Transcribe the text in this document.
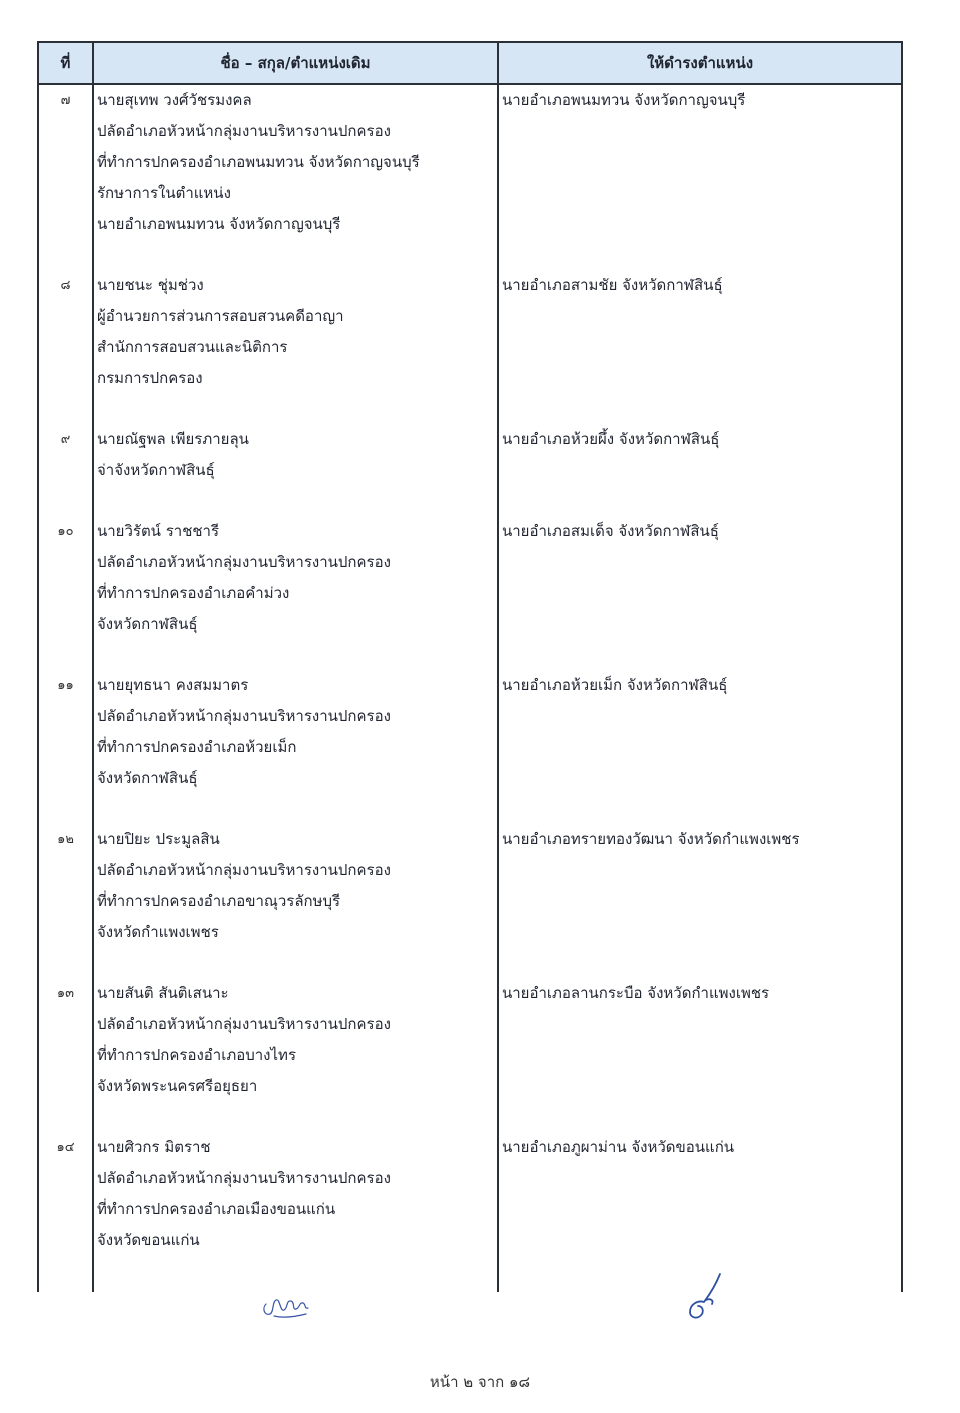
ที่	ชื่อ – สกุล/ตำแหน่งเดิม	ให้ดำรงตำแหน่ง
๗	นายสุเทพ วงศ์วัชรมงคล
ปลัดอำเภอหัวหน้ากลุ่มงานบริหารงานปกครอง
ที่ทำการปกครองอำเภอพนมทวน จังหวัดกาญจนบุรี
รักษาการในตำแหน่ง
นายอำเภอพนมทวน จังหวัดกาญจนบุรี	นายอำเภอพนมทวน จังหวัดกาญจนบุรี
๘	นายชนะ ชุ่มช่วง
ผู้อำนวยการส่วนการสอบสวนคดีอาญา
สำนักการสอบสวนและนิติการ
กรมการปกครอง	นายอำเภอสามชัย จังหวัดกาฬสินธุ์
๙	นายณัฐพล เพียรภายลุน
จ่าจังหวัดกาฬสินธุ์	นายอำเภอห้วยผึ้ง จังหวัดกาฬสินธุ์
๑๐	นายวิรัตน์ ราชชารี
ปลัดอำเภอหัวหน้ากลุ่มงานบริหารงานปกครอง
ที่ทำการปกครองอำเภอคำม่วง
จังหวัดกาฬสินธุ์	นายอำเภอสมเด็จ จังหวัดกาฬสินธุ์
๑๑	นายยุทธนา คงสมมาตร
ปลัดอำเภอหัวหน้ากลุ่มงานบริหารงานปกครอง
ที่ทำการปกครองอำเภอห้วยเม็ก
จังหวัดกาฬสินธุ์	นายอำเภอห้วยเม็ก จังหวัดกาฬสินธุ์
๑๒	นายปิยะ ประมูลสิน
ปลัดอำเภอหัวหน้ากลุ่มงานบริหารงานปกครอง
ที่ทำการปกครองอำเภอขาณุวรลักษบุรี
จังหวัดกำแพงเพชร	นายอำเภอทรายทองวัฒนา จังหวัดกำแพงเพชร
๑๓	นายสันติ สันติเสนาะ
ปลัดอำเภอหัวหน้ากลุ่มงานบริหารงานปกครอง
ที่ทำการปกครองอำเภอบางไทร
จังหวัดพระนครศรีอยุธยา	นายอำเภอลานกระบือ จังหวัดกำแพงเพชร
๑๔	นายศิวกร มิตราช
ปลัดอำเภอหัวหน้ากลุ่มงานบริหารงานปกครอง
ที่ทำการปกครองอำเภอเมืองขอนแก่น
จังหวัดขอนแก่น	นายอำเภอภูผาม่าน จังหวัดขอนแก่น
หน้า ๒ จาก ๑๘
